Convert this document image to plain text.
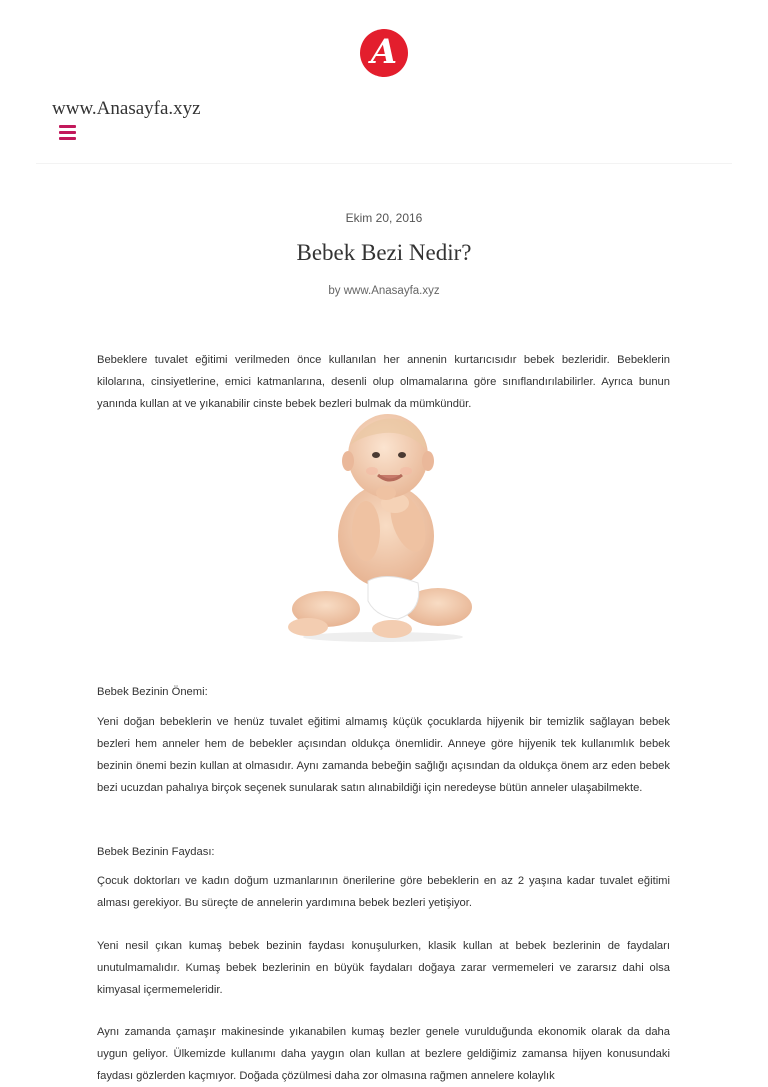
A
www.Anasayfa.xyz
Ekim 20, 2016
Bebek Bezi Nedir?
by www.Anasayfa.xyz

Bebeklere tuvalet eğitimi verilmeden önce kullanılan her annenin kurtarıcısıdır bebek bezleridir. Bebeklerin kilolarına, cinsiyetlerine, emici katmanlarına, desenli olup olmamalarına göre sınıflandırılabilirler. Ayrıca bunun yanında kullan at ve yıkanabilir cinste bebek bezleri bulmak da mümkündür.

Bebek Bezinin Önemi:

Yeni doğan bebeklerin ve henüz tuvalet eğitimi almamış küçük çocuklarda hijyenik bir temizlik sağlayan bebek bezleri hem anneler hem de bebekler açısından oldukça önemlidir. Anneye göre hijyenik tek kullanımlık bebek bezinin önemi bezin kullan at olmasıdır. Aynı zamanda bebeğin sağlığı açısından da oldukça önem arz eden bebek bezi ucuzdan pahalıya birçok seçenek sunularak satın alınabildiği için neredeyse bütün anneler ulaşabilmekte.

Bebek Bezinin Faydası:

Çocuk doktorları ve kadın doğum uzmanlarının önerilerine göre bebeklerin en az 2 yaşına kadar tuvalet eğitimi alması gerekiyor. Bu süreçte de annelerin yardımına bebek bezleri yetişiyor.

Yeni nesil çıkan kumaş bebek bezinin faydası konuşulurken, klasik kullan at bebek bezlerinin de faydaları unutulmamalıdır. Kumaş bebek bezlerinin en büyük faydaları doğaya zarar vermemeleri ve zararsız dahi olsa kimyasal içermemeleridir.

Aynı zamanda çamaşır makinesinde yıkanabilen kumaş bezler genele vurulduğunda ekonomik olarak da daha uygun geliyor. Ülkemizde kullanımı daha yaygın olan kullan at bezlere geldiğimiz zamansa hijyen konusundaki faydası gözlerden kaçmıyor. Doğada çözülmesi daha zor olmasına rağmen annelere kolaylık
